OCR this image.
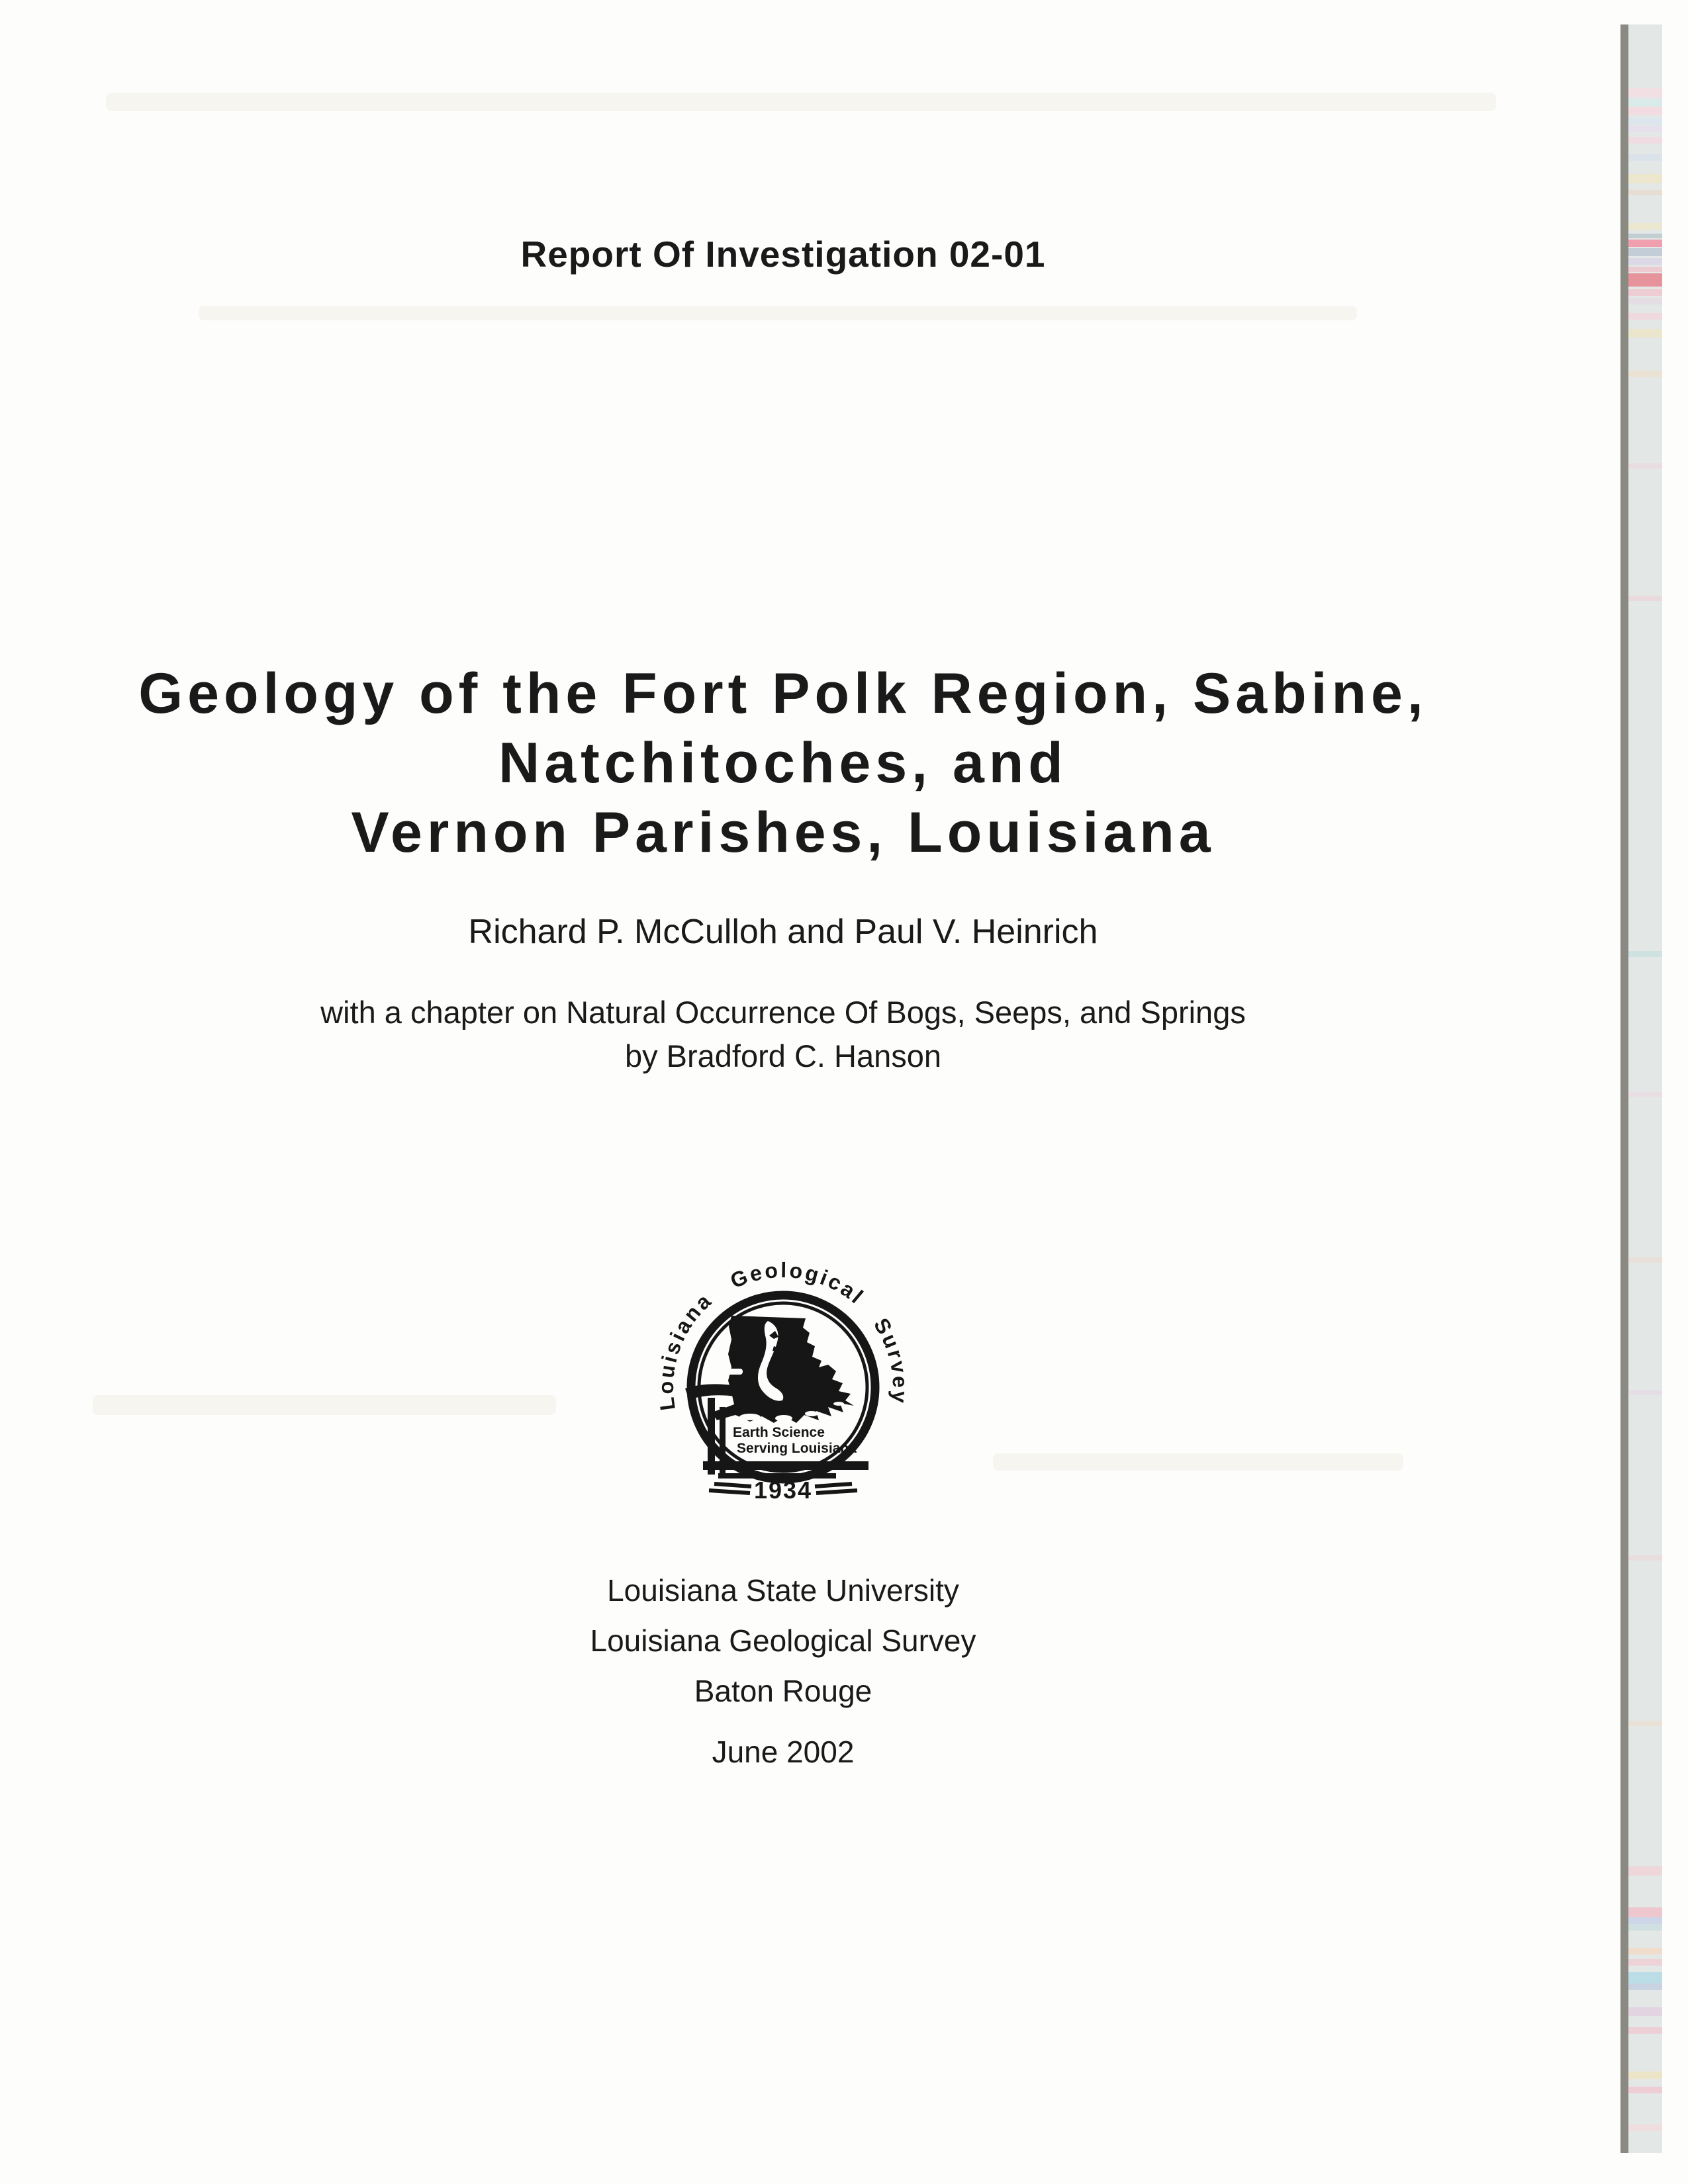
Report Of Investigation 02-01
Geology of the Fort Polk Region, Sabine,
Natchitoches, and
Vernon Parishes, Louisiana
Richard P. McCulloh and Paul V. Heinrich
with a chapter on Natural Occurrence Of Bogs, Seeps, and Springs
by Bradford C. Hanson
Louisiana Geological Survey
Earth Science
Serving Louisiana
1934
Louisiana State University
Louisiana Geological Survey
Baton Rouge
June 2002
